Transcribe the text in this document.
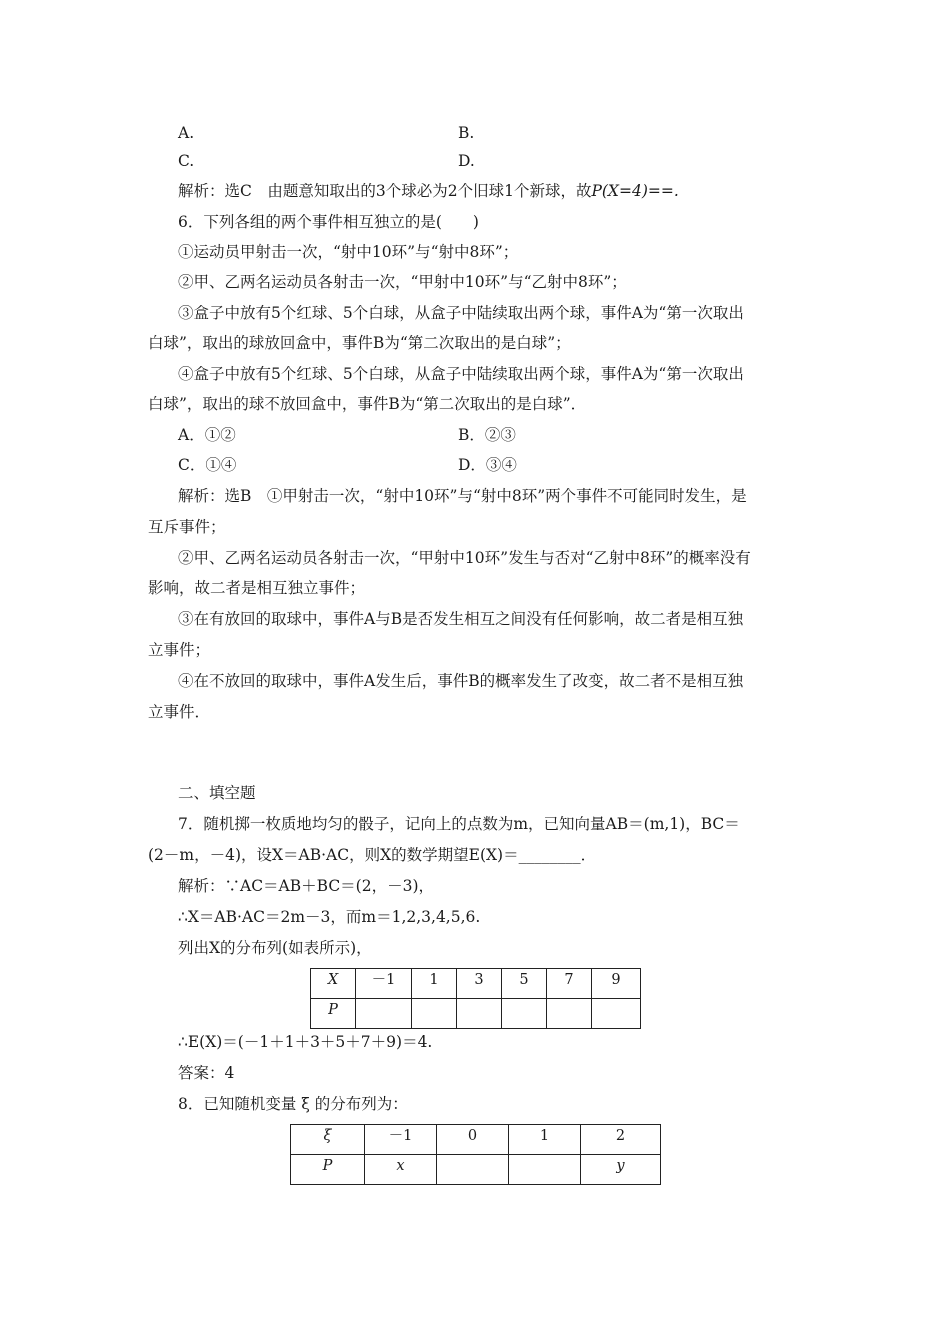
A.	B.
C.	D.
解析：选C　由题意知取出的3个球必为2个旧球1个新球，故P(X=4)==.
6．下列各组的两个事件相互独立的是(　　)
①运动员甲射击一次，“射中10环”与“射中8环”；
②甲、乙两名运动员各射击一次，“甲射中10环”与“乙射中8环”；
③盒子中放有5个红球、5个白球，从盒子中陆续取出两个球，事件A为“第一次取出
白球”，取出的球放回盒中，事件B为“第二次取出的是白球”；
④盒子中放有5个红球、5个白球，从盒子中陆续取出两个球，事件A为“第一次取出
白球”，取出的球不放回盒中，事件B为“第二次取出的是白球”．
A．①②	B．②③
C．①④	D．③④
解析：选B　①甲射击一次，“射中10环”与“射中8环”两个事件不可能同时发生，是
互斥事件；
②甲、乙两名运动员各射击一次，“甲射中10环”发生与否对“乙射中8环”的概率没有
影响，故二者是相互独立事件；
③在有放回的取球中，事件A与B是否发生相互之间没有任何影响，故二者是相互独
立事件；
④在不放回的取球中，事件A发生后，事件B的概率发生了改变，故二者不是相互独
立事件．
二、填空题
7．随机掷一枚质地均匀的骰子，记向上的点数为m，已知向量AB＝(m,1)，BC＝
(2－m，－4)，设X＝AB·AC，则X的数学期望E(X)＝________．
解析：∵AC＝AB＋BC＝(2，－3)，
∴X＝AB·AC＝2m－3，而m＝1,2,3,4,5,6.
列出X的分布列(如表所示)，
X	－1	1	3	5	7	9
P						
∴E(X)＝(－1＋1＋3＋5＋7＋9)＝4.
答案：4
8．已知随机变量 ξ 的分布列为：
ξ	－1	0	1	2
P	x			y
